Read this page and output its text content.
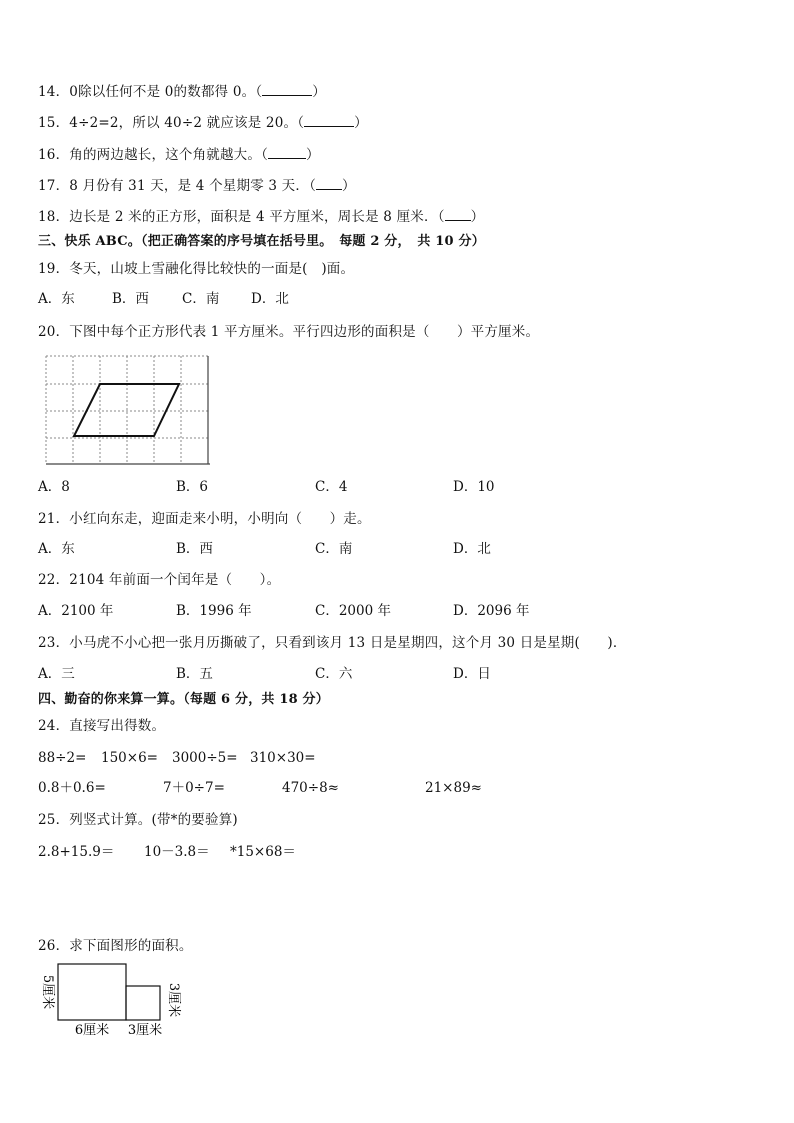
14．0除以任何不是 0的数都得 0。（	）
15．4÷2=2，所以 40÷2 就应该是 20。（	）
16．角的两边越长，这个角就越大。（	）
17．8 月份有 31 天，是 4 个星期零 3 天．（ ）
18．边长是 2 米的正方形，面积是 4 平方厘米，周长是 8 厘米．（ ）
三、快乐 ABC。（把正确答案的序号填在括号里。　每题 2 分，　共 10 分）
19．冬天，山坡上雪融化得比较快的一面是(　)面。
A．东	B．西 C．南 D．北
20．下图中每个正方形代表 1 平方厘米。平行四边形的面积是（　　）平方厘米。
A．8	B．6	C．4	D．10
21．小红向东走，迎面走来小明，小明向（　　）走。
A．东	B．西	C．南	D．北
22．2104 年前面一个闰年是（　　）。
A．2100 年	B．1996 年	C．2000 年	D．2096 年
23．小马虎不小心把一张月历撕破了，只看到该月 13 日是星期四，这个月 30 日是星期(　　)．
A．三	B．五	C．六	D．日
四、勤奋的你来算一算。（每题 6 分，共 18 分）
24．直接写出得数。
88÷2= 150×6= 3000÷5= 310×30=
0.8＋0.6=	7＋0÷7=	470÷8≈	21×89≈
25．列竖式计算。(带*的要验算)
2.8+15.9＝ 10－3.8＝ *15×68＝
26．求下面图形的面积。
5厘米
6厘米 3厘米
3厘米
